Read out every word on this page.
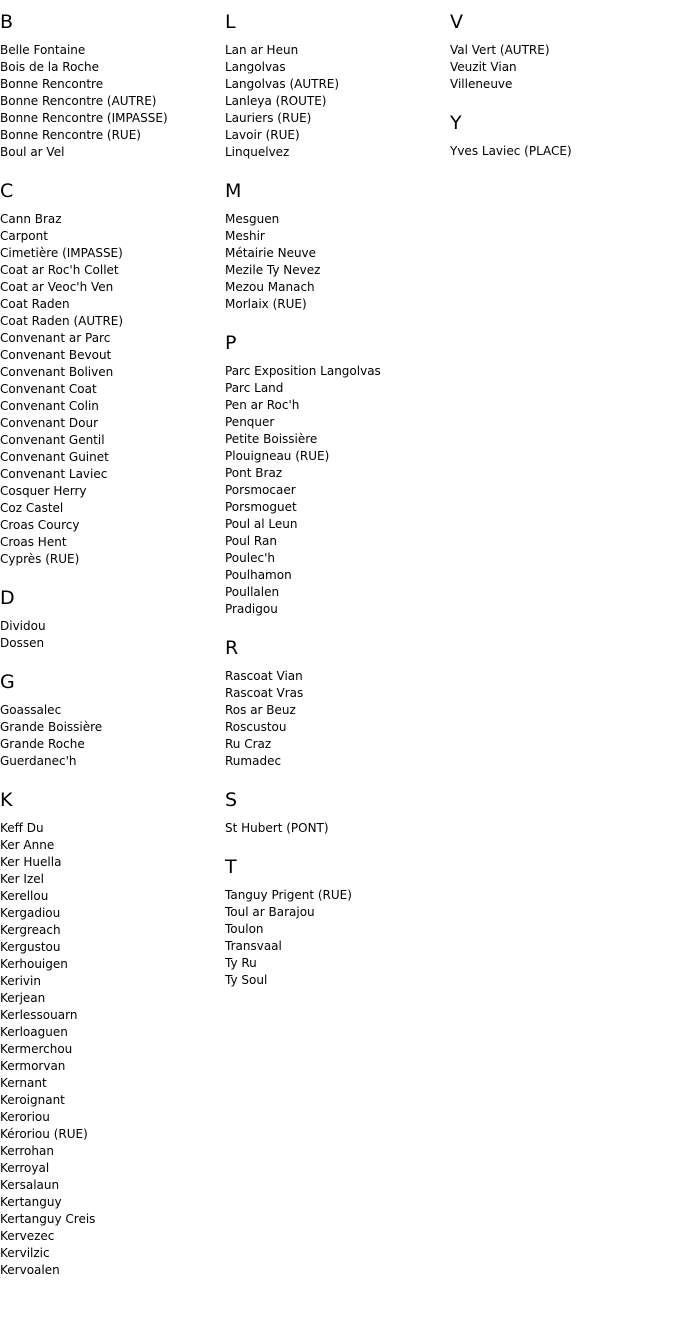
B
Belle Fontaine
Bois de la Roche
Bonne Rencontre
Bonne Rencontre (AUTRE)
Bonne Rencontre (IMPASSE)
Bonne Rencontre (RUE)
Boul ar Vel
C
Cann Braz
Carpont
Cimetière (IMPASSE)
Coat ar Roc'h Collet
Coat ar Veoc'h Ven
Coat Raden
Coat Raden (AUTRE)
Convenant ar Parc
Convenant Bevout
Convenant Boliven
Convenant Coat
Convenant Colin
Convenant Dour
Convenant Gentil
Convenant Guinet
Convenant Laviec
Cosquer Herry
Coz Castel
Croas Courcy
Croas Hent
Cyprès (RUE)
D
Dividou
Dossen
G
Goassalec
Grande Boissière
Grande Roche
Guerdanec'h
K
Keff Du
Ker Anne
Ker Huella
Ker Izel
Kerellou
Kergadiou
Kergreach
Kergustou
Kerhouigen
Kerivin
Kerjean
Kerlessouarn
Kerloaguen
Kermerchou
Kermorvan
Kernant
Keroignant
Keroriou
Kéroriou (RUE)
Kerrohan
Kerroyal
Kersalaun
Kertanguy
Kertanguy Creis
Kervezec
Kervilzic
Kervoalen
L
Lan ar Heun
Langolvas
Langolvas (AUTRE)
Lanleya (ROUTE)
Lauriers (RUE)
Lavoir (RUE)
Linquelvez
M
Mesguen
Meshir
Métairie Neuve
Mezile Ty Nevez
Mezou Manach
Morlaix (RUE)
P
Parc Exposition Langolvas
Parc Land
Pen ar Roc'h
Penquer
Petite Boissière
Plouigneau (RUE)
Pont Braz
Porsmocaer
Porsmoguet
Poul al Leun
Poul Ran
Poulec'h
Poulhamon
Poullalen
Pradigou
R
Rascoat Vian
Rascoat Vras
Ros ar Beuz
Roscustou
Ru Craz
Rumadec
S
St Hubert (PONT)
T
Tanguy Prigent (RUE)
Toul ar Barajou
Toulon
Transvaal
Ty Ru
Ty Soul
V
Val Vert (AUTRE)
Veuzit Vian
Villeneuve
Y
Yves Laviec (PLACE)
